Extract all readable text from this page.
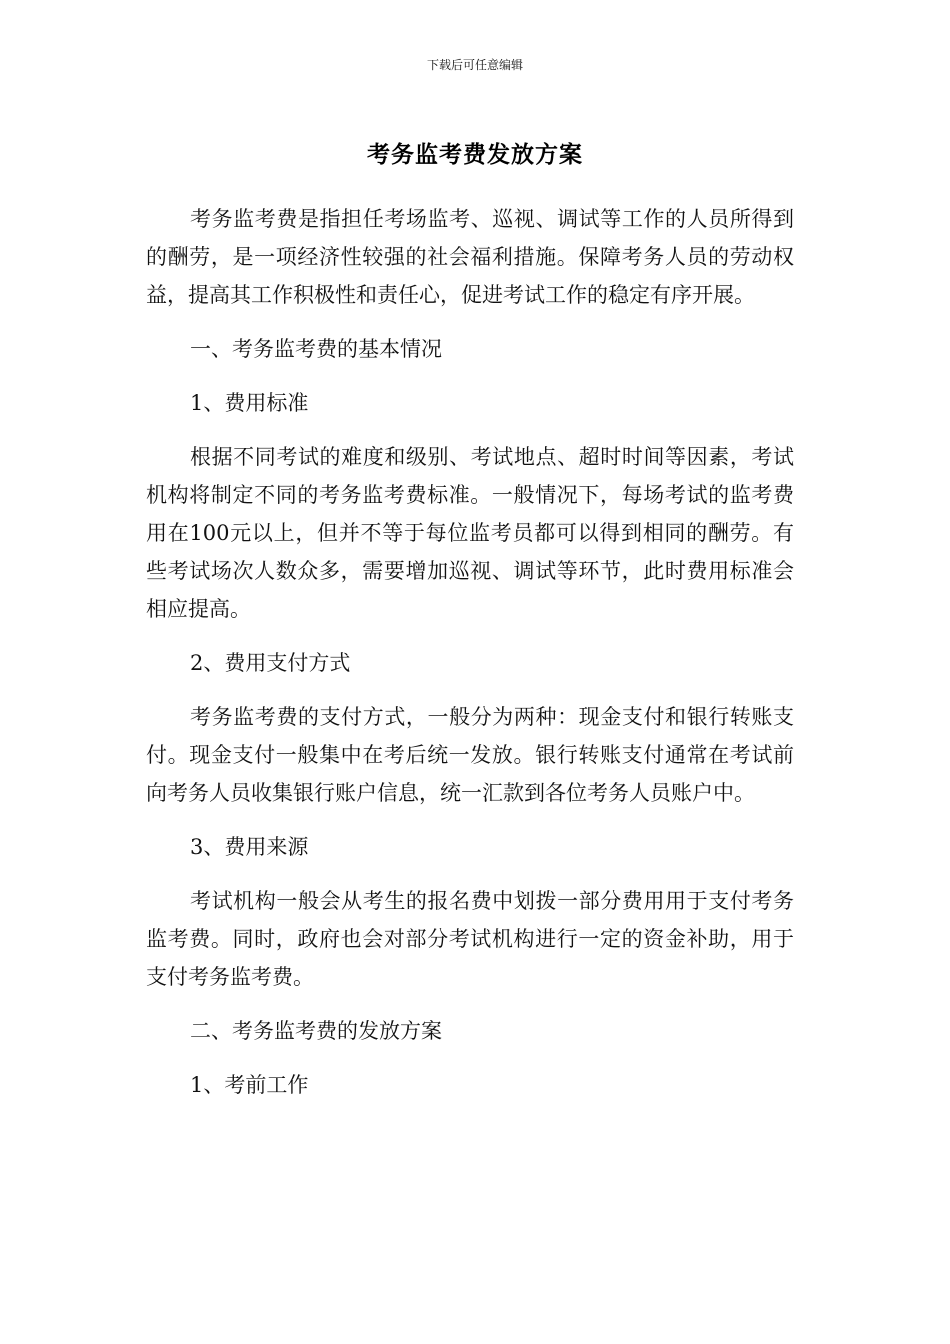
下载后可任意编辑
考务监考费发放方案

考务监考费是指担任考场监考、巡视、调试等工作的人员所得到的酬劳，是一项经济性较强的社会福利措施。保障考务人员的劳动权益，提高其工作积极性和责任心，促进考试工作的稳定有序开展。

一、考务监考费的基本情况

1、费用标准

根据不同考试的难度和级别、考试地点、超时时间等因素，考试机构将制定不同的考务监考费标准。一般情况下，每场考试的监考费用在100元以上，但并不等于每位监考员都可以得到相同的酬劳。有些考试场次人数众多，需要增加巡视、调试等环节，此时费用标准会相应提高。

2、费用支付方式

考务监考费的支付方式，一般分为两种：现金支付和银行转账支付。现金支付一般集中在考后统一发放。银行转账支付通常在考试前向考务人员收集银行账户信息，统一汇款到各位考务人员账户中。

3、费用来源

考试机构一般会从考生的报名费中划拨一部分费用用于支付考务监考费。同时，政府也会对部分考试机构进行一定的资金补助，用于支付考务监考费。

二、考务监考费的发放方案

1、考前工作
